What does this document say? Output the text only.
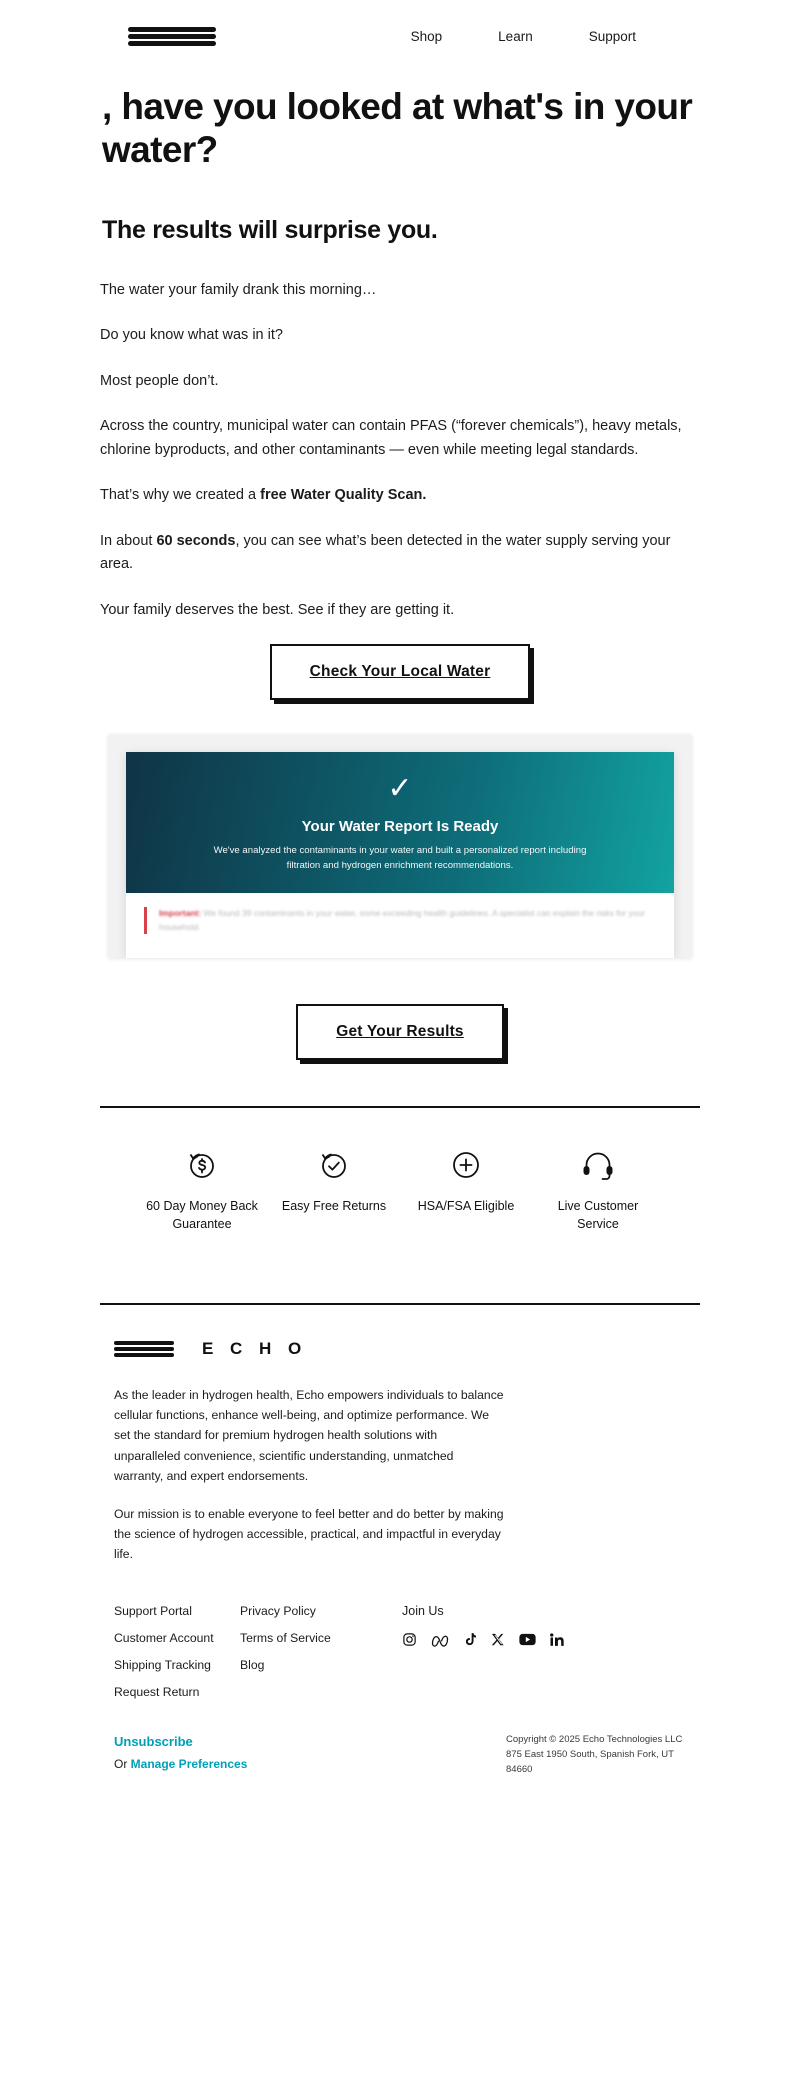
Shop	Learn	Support
, have you looked at what's in your water?
The results will surprise you.

The water your family drank this morning…

Do you know what was in it?

Most people don’t.

Across the country, municipal water can contain PFAS (“forever chemicals”), heavy metals, chlorine byproducts, and other contaminants — even while meeting legal standards.

That’s why we created a free Water Quality Scan.

In about 60 seconds, you can see what’s been detected in the water supply serving your area.

Your family deserves the best. See if they are getting it.

Check Your Local Water
✓
Your Water Report Is Ready
We've analyzed the contaminants in your water and built a personalized report including filtration and hydrogen enrichment recommendations.
Important: We found 39 contaminants in your water, some exceeding health guidelines. A specialist can explain the risks for your household.
Get Your Results
60 Day Money Back Guarantee
Easy Free Returns	HSA/FSA Eligible	Live Customer Service
E C H O

As the leader in hydrogen health, Echo empowers individuals to balance cellular functions, enhance well-being, and optimize performance. We set the standard for premium hydrogen health solutions with unparalleled convenience, scientific understanding, unmatched warranty, and expert endorsements.

Our mission is to enable everyone to feel better and do better by making the science of hydrogen accessible, practical, and impactful in everyday life.

Support Portal
Customer Account
Shipping Tracking
Request Return
Privacy Policy
Terms of Service
Blog
Join Us
Unsubscribe
Or Manage Preferences
Copyright © 2025 Echo Technologies LLC
875 East 1950 South, Spanish Fork, UT 84660
